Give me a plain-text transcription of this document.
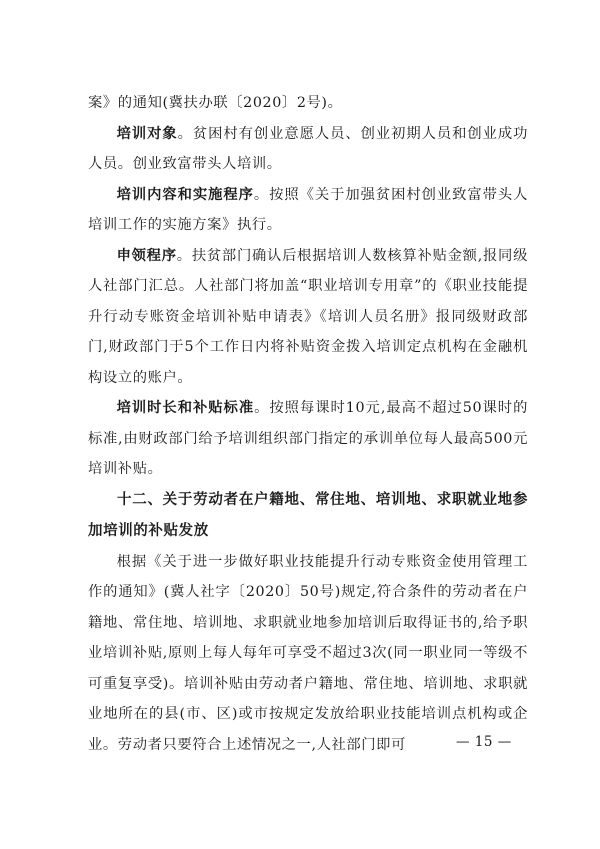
案》的通知(冀扶办联〔2020〕2号)。

培训对象。贫困村有创业意愿人员、创业初期人员和创业成功人员。创业致富带头人培训。

培训内容和实施程序。按照《关于加强贫困村创业致富带头人培训工作的实施方案》执行。

申领程序。扶贫部门确认后根据培训人数核算补贴金额,报同级人社部门汇总。人社部门将加盖“职业培训专用章”的《职业技能提升行动专账资金培训补贴申请表》《培训人员名册》报同级财政部门,财政部门于5个工作日内将补贴资金拨入培训定点机构在金融机构设立的账户。

培训时长和补贴标准。按照每课时10元,最高不超过50课时的标准,由财政部门给予培训组织部门指定的承训单位每人最高500元培训补贴。

十二、关于劳动者在户籍地、常住地、培训地、求职就业地参加培训的补贴发放

根据《关于进一步做好职业技能提升行动专账资金使用管理工作的通知》(冀人社字〔2020〕50号)规定,符合条件的劳动者在户籍地、常住地、培训地、求职就业地参加培训后取得证书的,给予职业培训补贴,原则上每人每年可享受不超过3次(同一职业同一等级不可重复享受)。培训补贴由劳动者户籍地、常住地、培训地、求职就业地所在的县(市、区)或市按规定发放给职业技能培训点机构或企业。劳动者只要符合上述情况之一,人社部门即可	— 15 —
